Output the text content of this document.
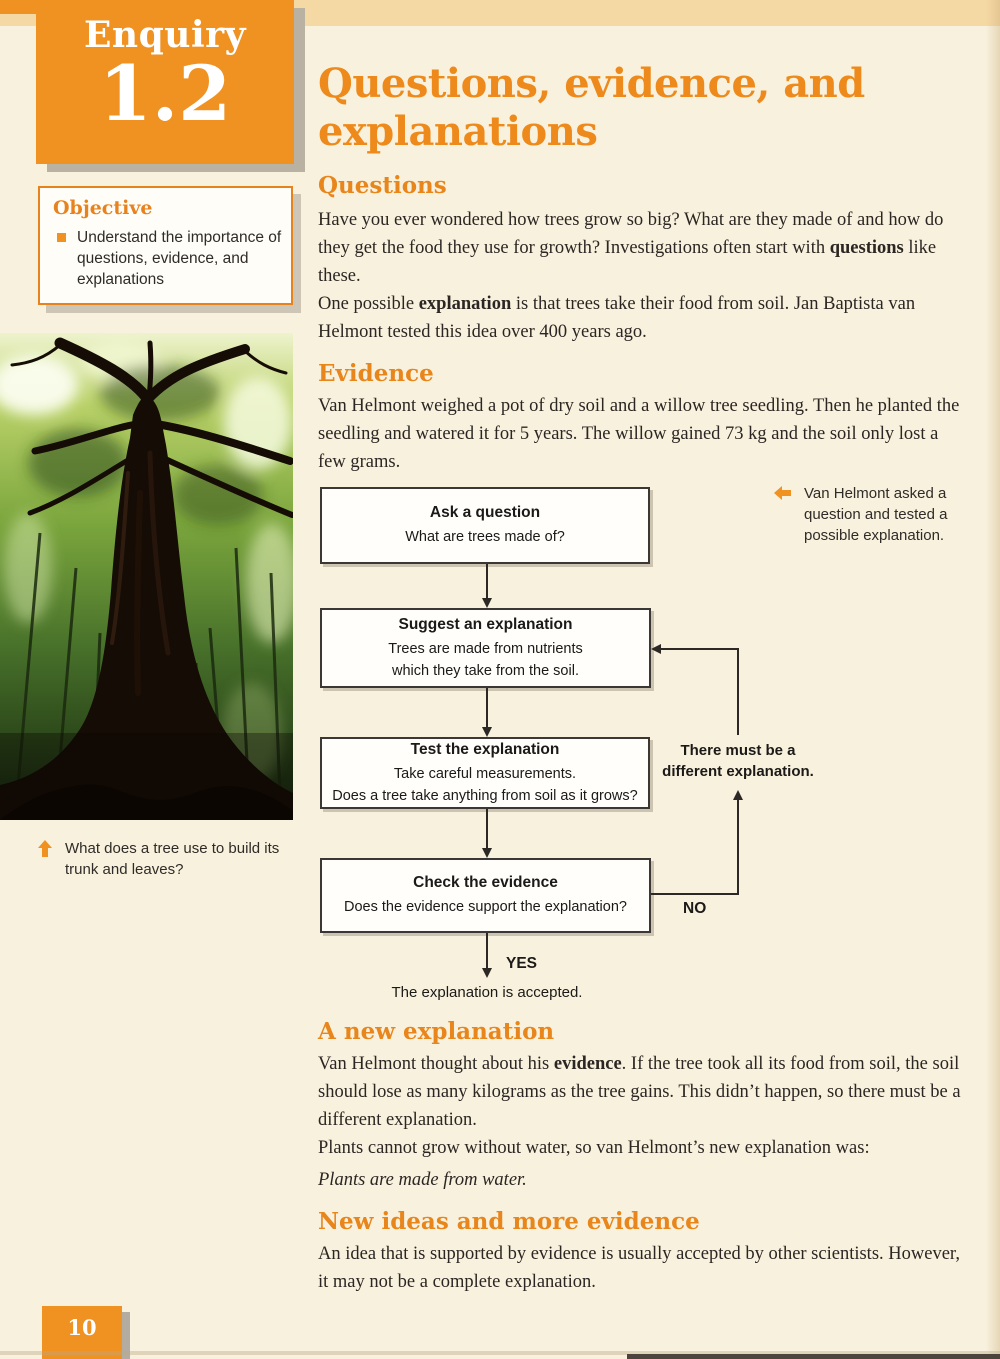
Enquiry
1.2
Objective
Understand the importance of questions, evidence, and explanations
What does a tree use to build its trunk and leaves?
Questions, evidence, and
explanations
Questions
Have you ever wondered how trees grow so big? What are they made of and how do they get the food they use for growth? Investigations often start with questions like these.
One possible explanation is that trees take their food from soil. Jan Baptista van Helmont tested this idea over 400 years ago.
Evidence
Van Helmont weighed a pot of dry soil and a willow tree seedling. Then he planted the seedling and watered it for 5 years. The willow gained 73 kg and the soil only lost a few grams.
Ask a question
What are trees made of?
Suggest an explanation
Trees are made from nutrients
which they take from the soil.
Test the explanation
Take careful measurements.
Does a tree take anything from soil as it grows?
Check the evidence
Does the evidence support the explanation?
YES
The explanation is accepted.
NO
There must be a different explanation.
Van Helmont asked a question and tested a possible explanation.
A new explanation
Van Helmont thought about his evidence. If the tree took all its food from soil, the soil should lose as many kilograms as the tree gains. This didn’t happen, so there must be a different explanation.
Plants cannot grow without water, so van Helmont’s new explanation was:
Plants are made from water.
New ideas and more evidence
An idea that is supported by evidence is usually accepted by other scientists. However, it may not be a complete explanation.
10
